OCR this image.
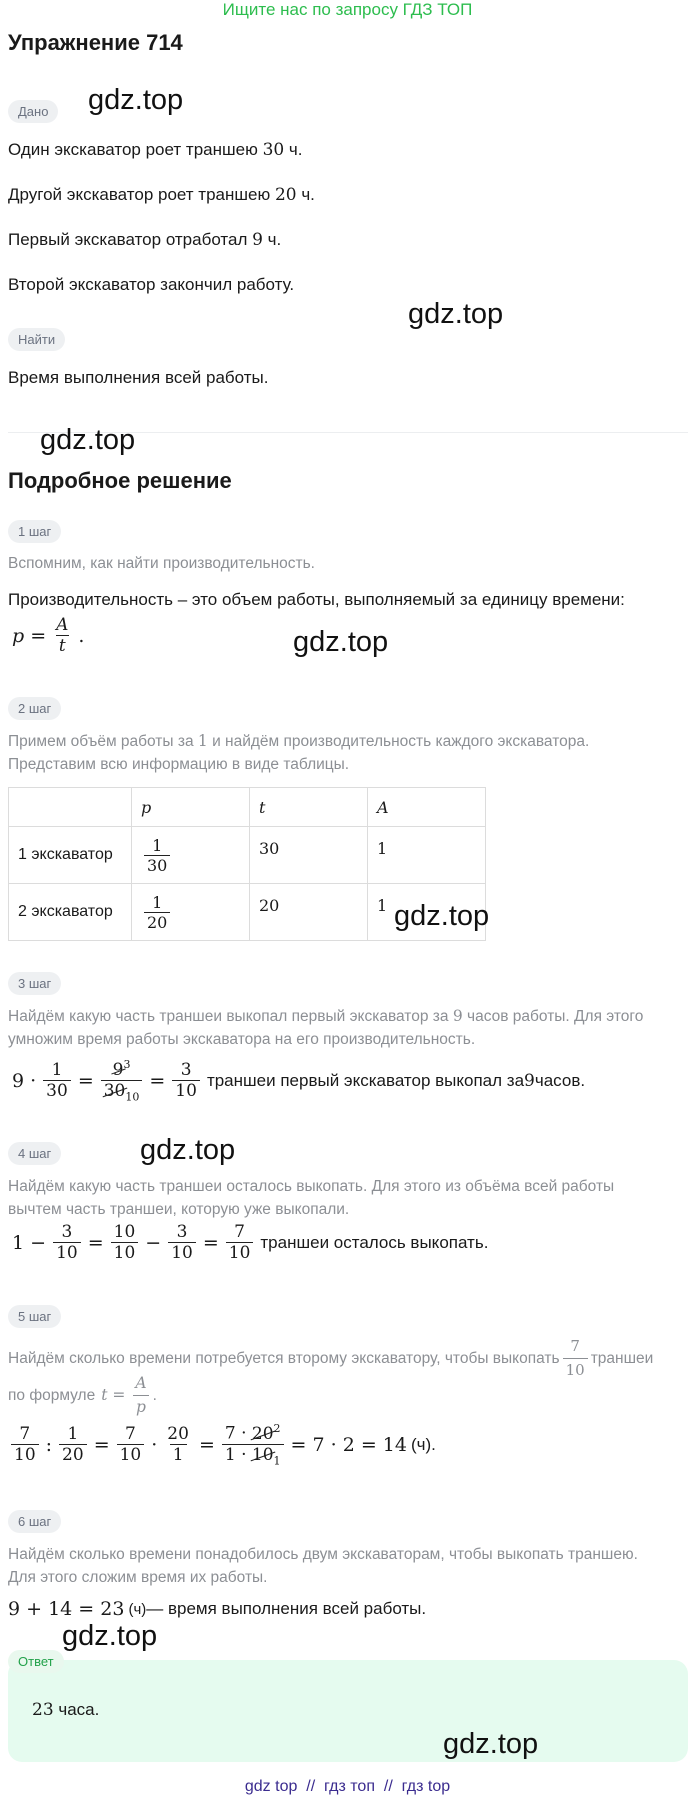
Ищите нас по запросу ГДЗ ТОП
Упражнение 714
Дано	gdz.top
Один экскаватор роет траншею 30 ч.
Другой экскаватор роет траншею 20 ч.
Первый экскаватор отработал 9 ч.
Второй экскаватор закончил работу.
gdz.top
Найти
Время выполнения всей работы.
gdz.top
Подробное решение
1 шаг
Вспомним, как найти производительность.
Производительность – это объем работы, выполняемый за единицу времени:
$p = \frac{A}{t}$ .	gdz.top
2 шаг
Примем объём работы за 1 и найдём производительность каждого экскаватора.
Представим всю информацию в виде таблицы.
	p	t	A
1 экскаватор	$\frac{1}{30}$	30	1
2 экскаватор	$\frac{1}{20}$	20	1 gdz.top
3 шаг
Найдём какую часть траншеи выкопал первый экскаватор за 9 часов работы. Для этого
умножим время работы экскаватора на его производительность.
$9 \cdot \frac{1}{30} = \frac{9^3}{30_{10}} = \frac{3}{10}$ траншеи первый экскаватор выкопал за 9 часов.
4 шаг	gdz.top
Найдём какую часть траншеи осталось выкопать. Для этого из объёма всей работы
вычтем часть траншеи, которую уже выкопали.
$1 - \frac{3}{10} = \frac{10}{10} - \frac{3}{10} = \frac{7}{10}$ траншеи осталось выкопать.
5 шаг
Найдём сколько времени потребуется второму экскаватору, чтобы выкопать $\frac{7}{10}$ траншеи
по формуле $t = \frac{A}{p}$ .
$\frac{7}{10}$ : $\frac{1}{20} = \frac{7}{10} \cdot \frac{20}{1} = \frac{7 \cdot 20^2}{1 \cdot 10_1} = 7 \cdot 2 = 14$ (ч).
6 шаг
Найдём сколько времени понадобилось двум экскаваторам, чтобы выкопать траншею.
Для этого сложим время их работы.
9 + 14 = 23 (ч) — время выполнения всей работы.
gdz.top
Ответ
23 часа.
gdz.top
gdz top  //  гдз топ  //  гдз top
